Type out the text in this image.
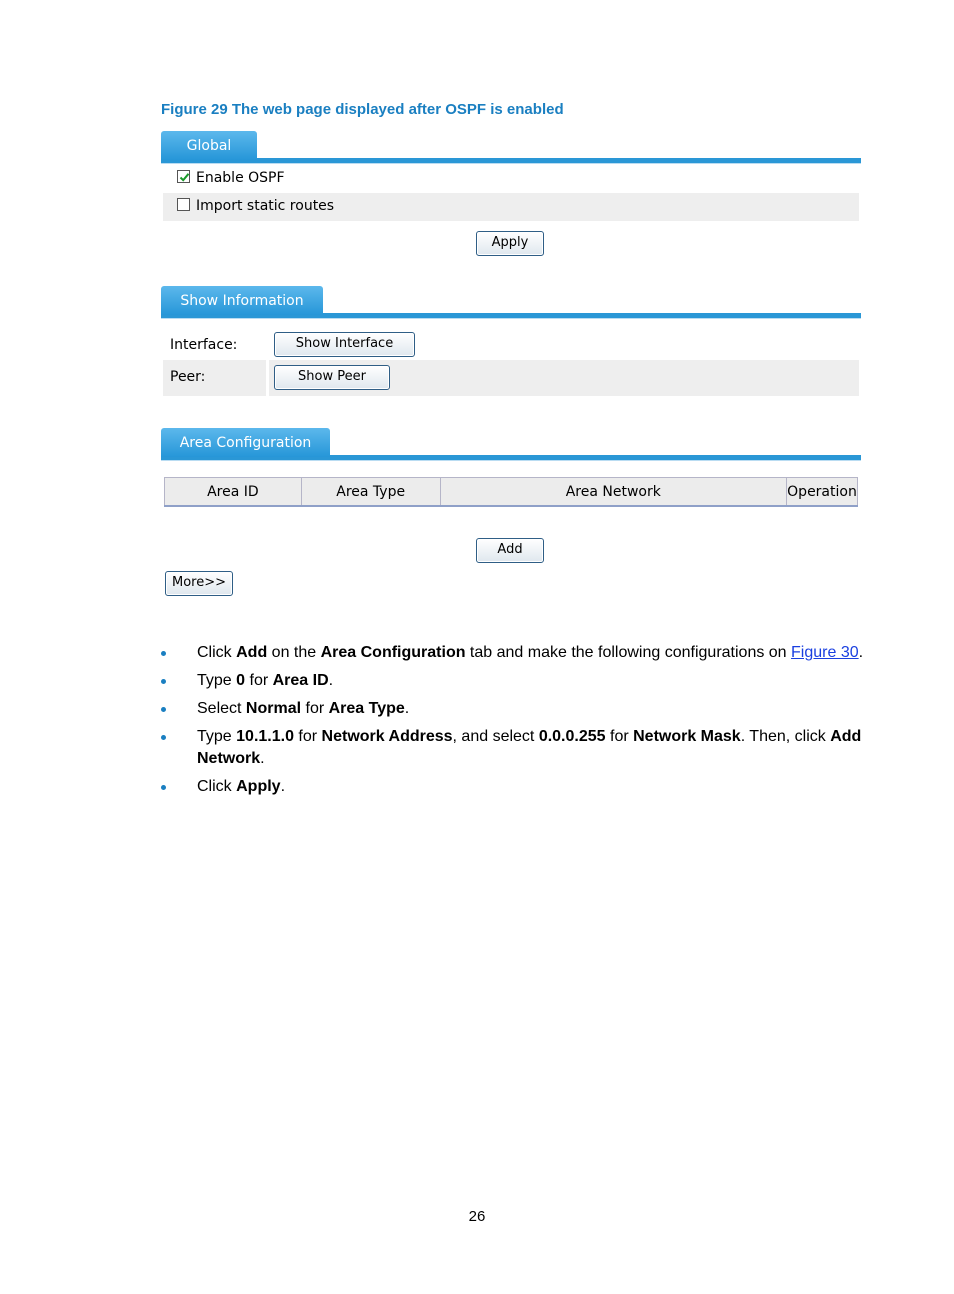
Figure 29 The web page displayed after OSPF is enabled
Global
Enable OSPF
Import static routes
Apply
Show Information
Interface:	Show Interface
Peer:	Show Peer
Area Configuration
Area ID	Area Type	Area Network	Operation
Add
More>>
Click Add on the Area Configuration tab and make the following configurations on Figure 30.
Type 0 for Area ID.
Select Normal for Area Type.
Type 10.1.1.0 for Network Address, and select 0.0.0.255 for Network Mask. Then, click Add Network.
Click Apply.
26
